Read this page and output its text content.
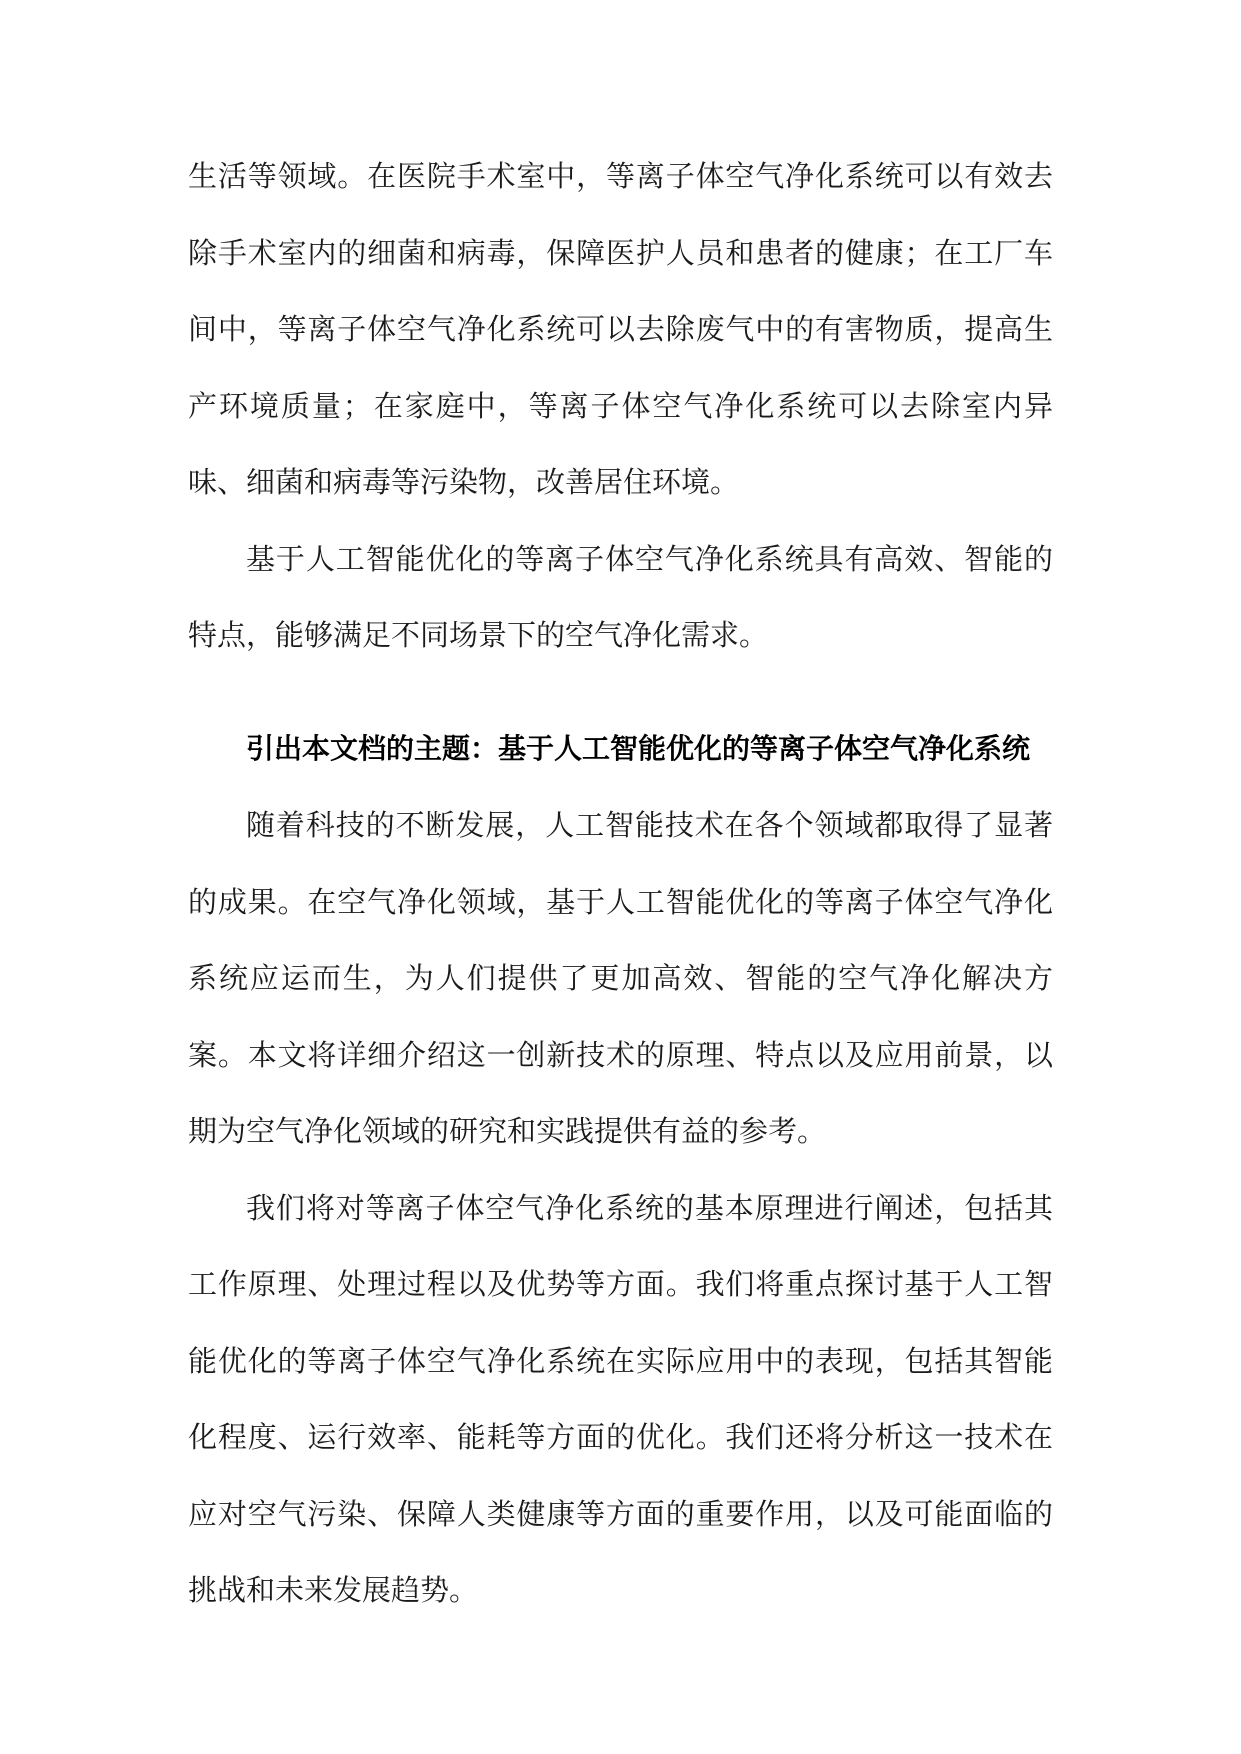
生活等领域。在医院手术室中，等离子体空气净化系统可以有效去除手术室内的细菌和病毒，保障医护人员和患者的健康；在工厂车间中，等离子体空气净化系统可以去除废气中的有害物质，提高生产环境质量；在家庭中，等离子体空气净化系统可以去除室内异味、细菌和病毒等污染物，改善居住环境。

基于人工智能优化的等离子体空气净化系统具有高效、智能的特点，能够满足不同场景下的空气净化需求。

引出本文档的主题：基于人工智能优化的等离子体空气净化系统

随着科技的不断发展，人工智能技术在各个领域都取得了显著的成果。在空气净化领域，基于人工智能优化的等离子体空气净化系统应运而生，为人们提供了更加高效、智能的空气净化解决方案。本文将详细介绍这一创新技术的原理、特点以及应用前景，以期为空气净化领域的研究和实践提供有益的参考。

我们将对等离子体空气净化系统的基本原理进行阐述，包括其工作原理、处理过程以及优势等方面。我们将重点探讨基于人工智能优化的等离子体空气净化系统在实际应用中的表现，包括其智能化程度、运行效率、能耗等方面的优化。我们还将分析这一技术在应对空气污染、保障人类健康等方面的重要作用，以及可能面临的挑战和未来发展趋势。
